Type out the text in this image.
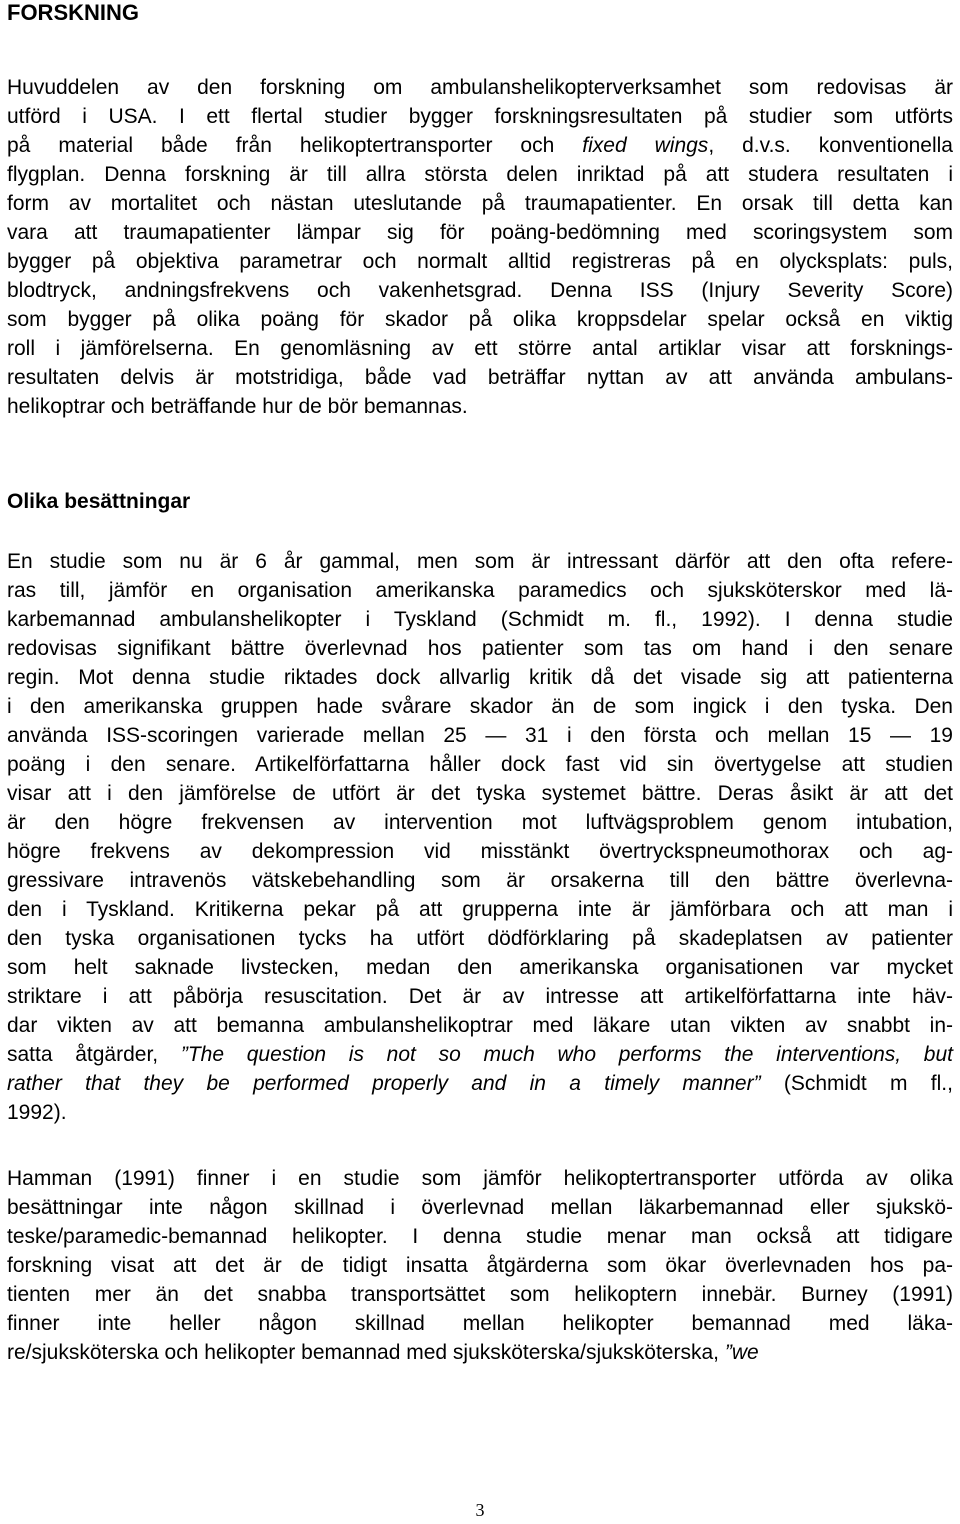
FORSKNING
Huvuddelen av den forskning om ambulanshelikopterverksamhet som redovisas är
utförd i USA. I ett flertal studier bygger forskningsresultaten på studier som utförts
på material både från helikoptertransporter och fixed wings, d.v.s. konventionella
flygplan. Denna forskning är till allra största delen inriktad på att studera resultaten i
form av mortalitet och nästan uteslutande på traumapatienter. En orsak till detta kan
vara att traumapatienter lämpar sig för poäng-bedömning med scoringsystem som
bygger på objektiva parametrar och normalt alltid registreras på en olycksplats: puls,
blodtryck, andningsfrekvens och vakenhetsgrad. Denna ISS (Injury Severity Score)
som bygger på olika poäng för skador på olika kroppsdelar spelar också en viktig
roll i jämförelserna. En genomläsning av ett större antal artiklar visar att forsknings-
resultaten delvis är motstridiga, både vad beträffar nyttan av att använda ambulans-
helikoptrar och beträffande hur de bör bemannas.
Olika besättningar
En studie som nu är 6 år gammal, men som är intressant därför att den ofta refere-
ras till, jämför en organisation amerikanska paramedics och sjuksköterskor med lä-
karbemannad ambulanshelikopter i Tyskland (Schmidt m. fl., 1992). I denna studie
redovisas signifikant bättre överlevnad hos patienter som tas om hand i den senare
regin. Mot denna studie riktades dock allvarlig kritik då det visade sig att patienterna
i den amerikanska gruppen hade svårare skador än de som ingick i den tyska. Den
använda ISS-scoringen varierade mellan 25 — 31 i den första och mellan 15 — 19
poäng i den senare. Artikelförfattarna håller dock fast vid sin övertygelse att studien
visar att i den jämförelse de utfört är det tyska systemet bättre. Deras åsikt är att det
är den högre frekvensen av intervention mot luftvägsproblem genom intubation,
högre frekvens av dekompression vid misstänkt övertryckspneumothorax och ag-
gressivare intravenös vätskebehandling som är orsakerna till den bättre överlevna-
den i Tyskland. Kritikerna pekar på att grupperna inte är jämförbara och att man i
den tyska organisationen tycks ha utfört dödförklaring på skadeplatsen av patienter
som helt saknade livstecken, medan den amerikanska organisationen var mycket
striktare i att påbörja resuscitation. Det är av intresse att artikelförfattarna inte häv-
dar vikten av att bemanna ambulanshelikoptrar med läkare utan vikten av snabbt in-
satta åtgärder, ”The question is not so much who performs the interventions, but
rather that they be performed properly and in a timely manner” (Schmidt m fl.,
1992).
Hamman (1991) finner i en studie som jämför helikoptertransporter utförda av olika
besättningar inte någon skillnad i överlevnad mellan läkarbemannad eller sjukskö-
teske/paramedic-bemannad helikopter. I denna studie menar man också att tidigare
forskning visat att det är de tidigt insatta åtgärderna som ökar överlevnaden hos pa-
tienten mer än det snabba transportsättet som helikoptern innebär. Burney (1991)
finner inte heller någon skillnad mellan helikopter bemannad med läka-
re/sjuksköterska och helikopter bemannad med sjuksköterska/sjuksköterska, ”we
3
